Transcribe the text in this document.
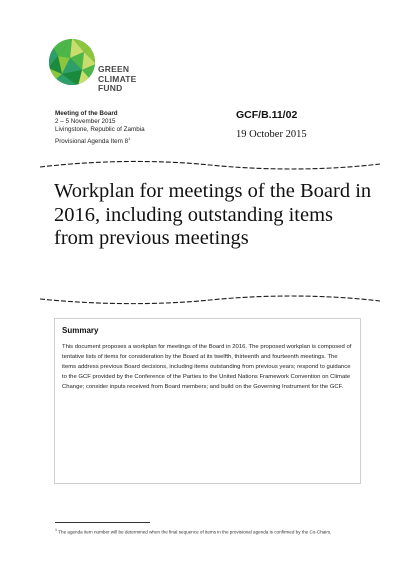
GREEN
CLIMATE
FUND
Meeting of the Board
2 – 5 November 2015
Livingstone, Republic of Zambia
Provisional Agenda Item $8^1$
GCF/B.11/02
19 October 2015
Workplan for meetings of the Board in 2016, including outstanding items from previous meetings
Summary

This document proposes a workplan for meetings of the Board in 2016. The proposed workplan is composed of tentative lists of items for consideration by the Board at its twelfth, thirteenth and fourteenth meetings. The items address previous Board decisions, including items outstanding from previous years; respond to guidance to the GCF provided by the Conference of the Parties to the United Nations Framework Convention on Climate Change; consider inputs received from Board members; and build on the Governing Instrument for the GCF.

$^1$ The agenda item number will be determined when the final sequence of items in the provisional agenda is confirmed by the Co-Chairs.
